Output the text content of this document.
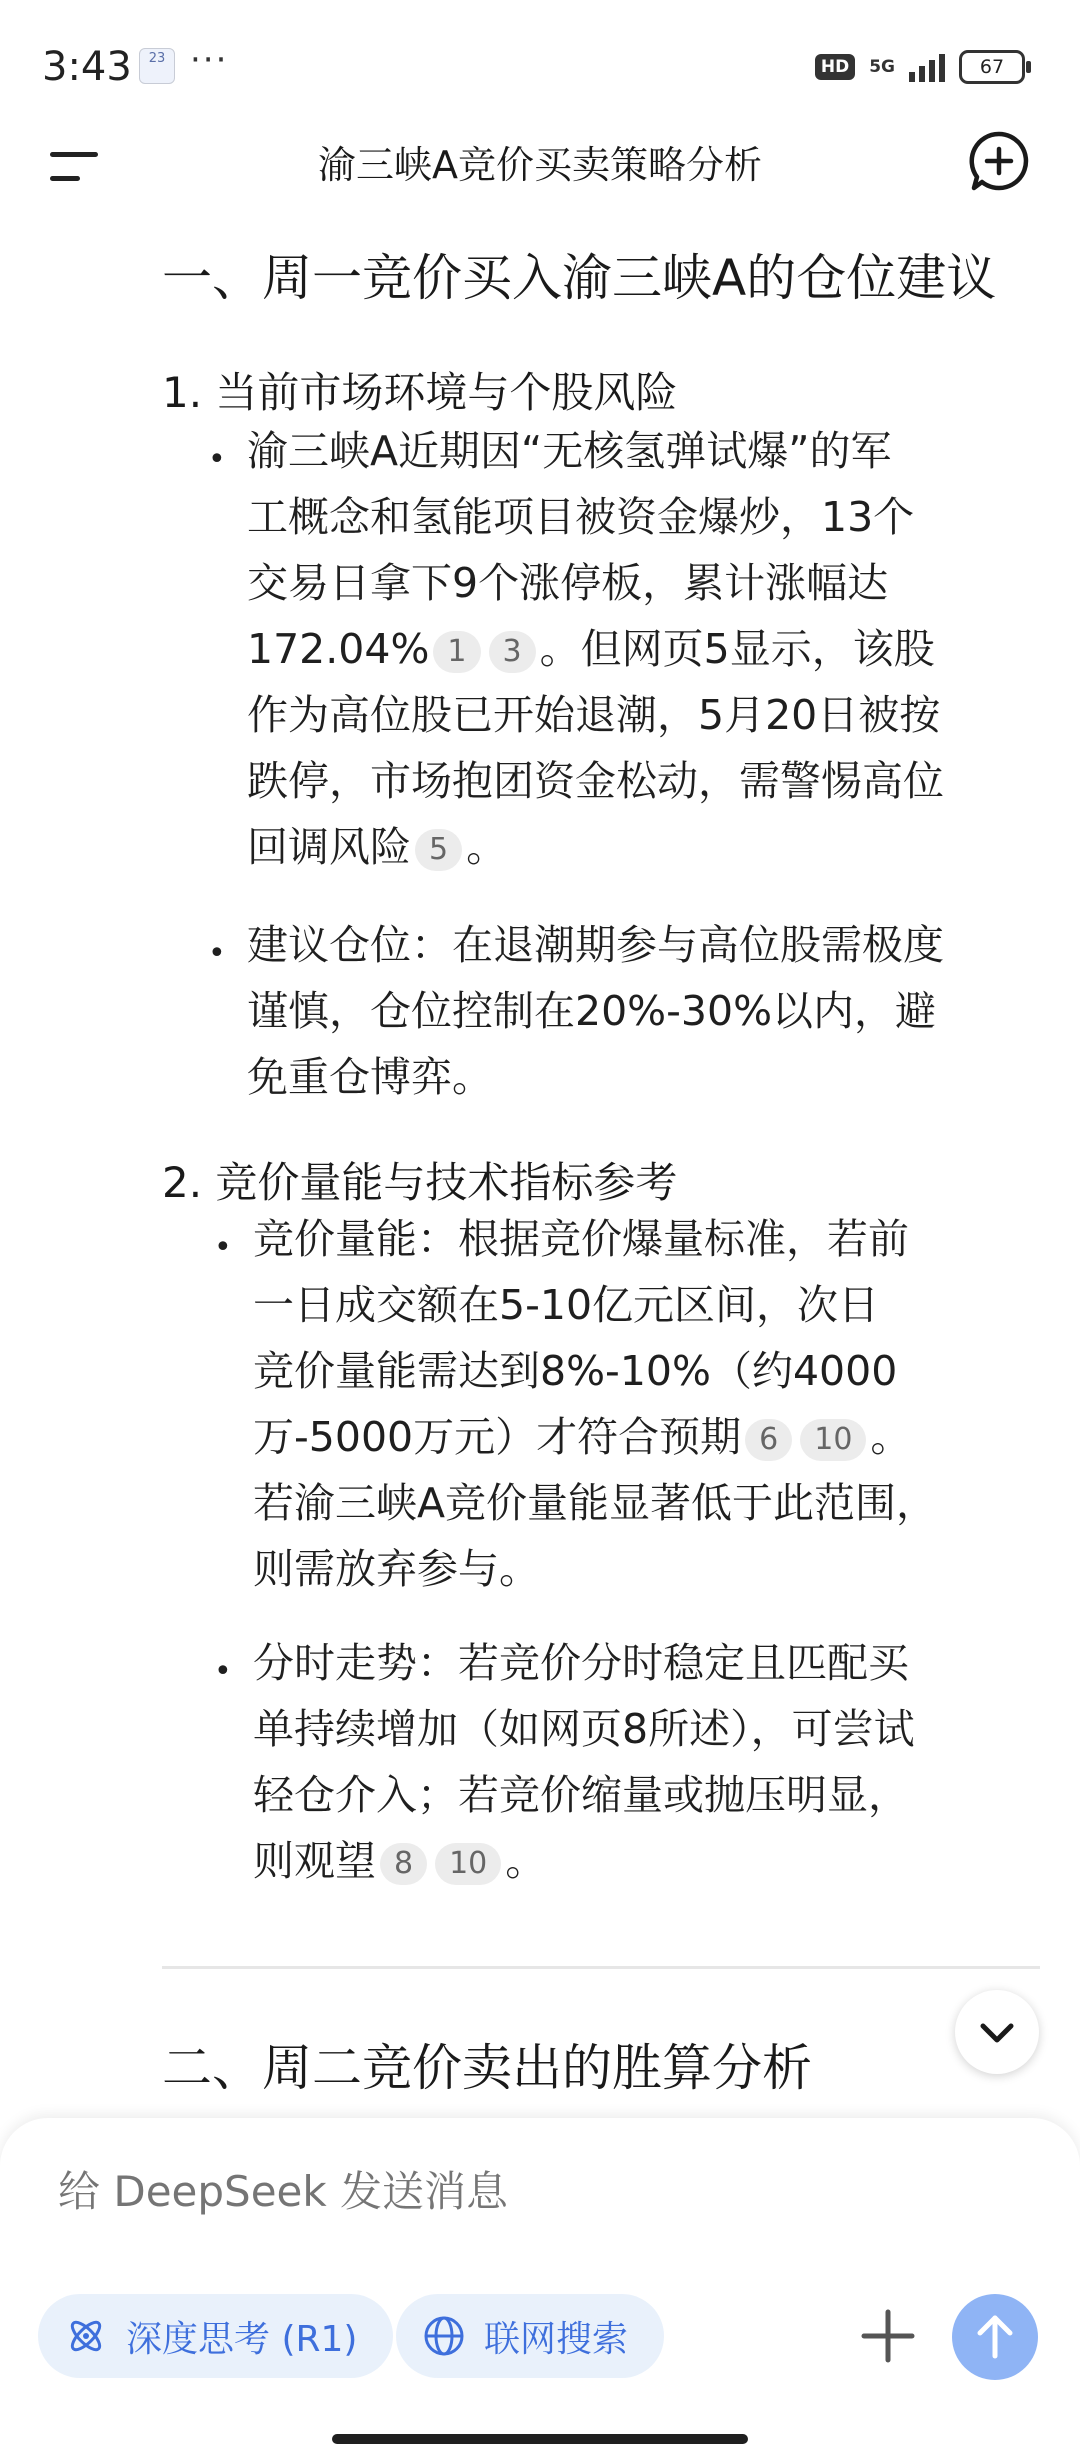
3:43	23 ···	HD	5G	67
渝三峡A竞价买卖策略分析
一、周一竞价买入渝三峡A的仓位建议
1. 当前市场环境与个股风险
• 渝三峡A近期因“无核氢弹试爆”的军
工概念和氢能项目被资金爆炒，13个
交易日拿下9个涨停板，累计涨幅达
172.04% 1 3 。但网页5显示，该股
作为高位股已开始退潮，5月20日被按
跌停，市场抱团资金松动，需警惕高位
回调风险 5 。
• 建议仓位：在退潮期参与高位股需极度
谨慎，仓位控制在20%-30%以内，避
免重仓博弈。
2. 竞价量能与技术指标参考
• 竞价量能：根据竞价爆量标准，若前
一日成交额在5-10亿元区间，次日
竞价量能需达到8%-10%（约4000
万-5000万元）才符合预期 6 10 。
若渝三峡A竞价量能显著低于此范围，
则需放弃参与。
• 分时走势：若竞价分时稳定且匹配买
单持续增加（如网页8所述），可尝试
轻仓介入；若竞价缩量或抛压明显，
则观望 8 10 。
二、周二竞价卖出的胜算分析
给 DeepSeek 发送消息
深度思考 (R1)	联网搜索
